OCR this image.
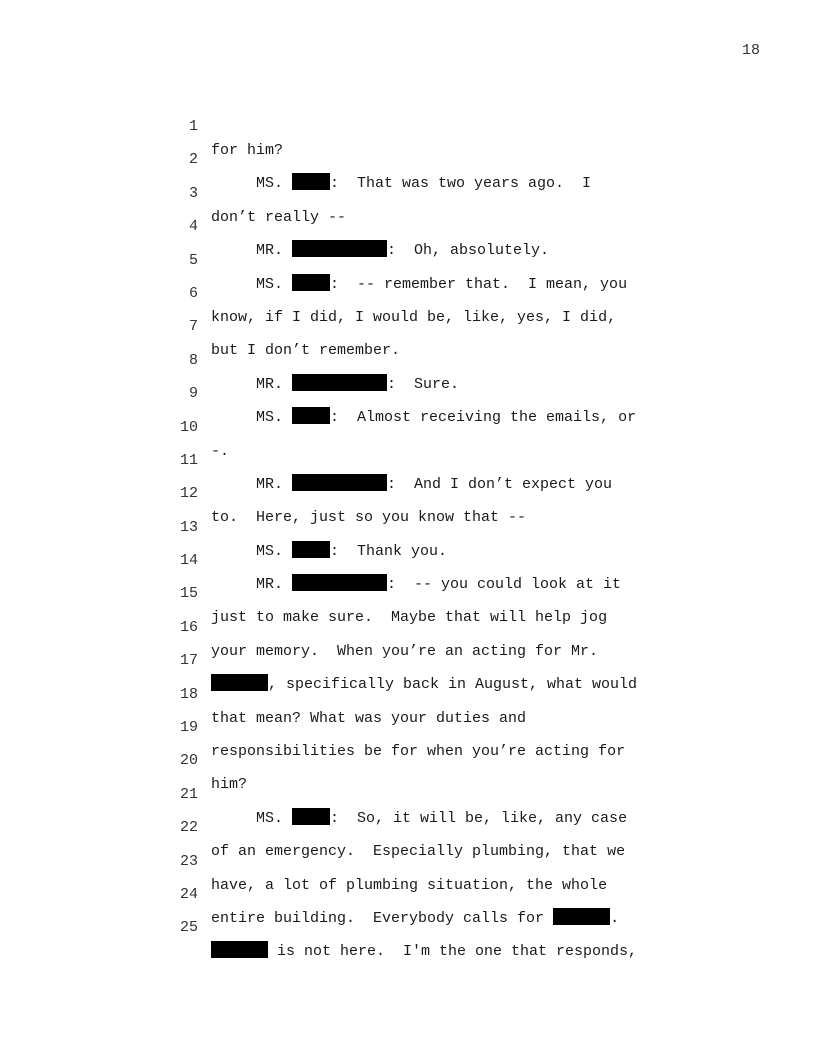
18

1

for him?

2

MS.	:  That was two years ago.  I

3

don’t really --

4

MR.	:  Oh, absolutely.

5

MS.	:  -- remember that.  I mean, you

6

know, if I did, I would be, like, yes, I did,

7

but I don’t remember.

8

MR.	:  Sure.

9

MS.	:  Almost receiving the emails, or

10

-.

11

MR.	:  And I don’t expect you

12

to.  Here, just so you know that --

13

MS.	:  Thank you.

14

MR.	:  -- you could look at it

15

just to make sure.  Maybe that will help jog

16

your memory.  When you’re an acting for Mr.

17

, specifically back in August, what would

18

that mean? What was your duties and

19

responsibilities be for when you’re acting for

20

him?

21

MS.	:  So, it will be, like, any case

22

of an emergency.  Especially plumbing, that we

23

have, a lot of plumbing situation, the whole

24

entire building.  Everybody calls for	.

25

is not here.  I'm the one that responds,
